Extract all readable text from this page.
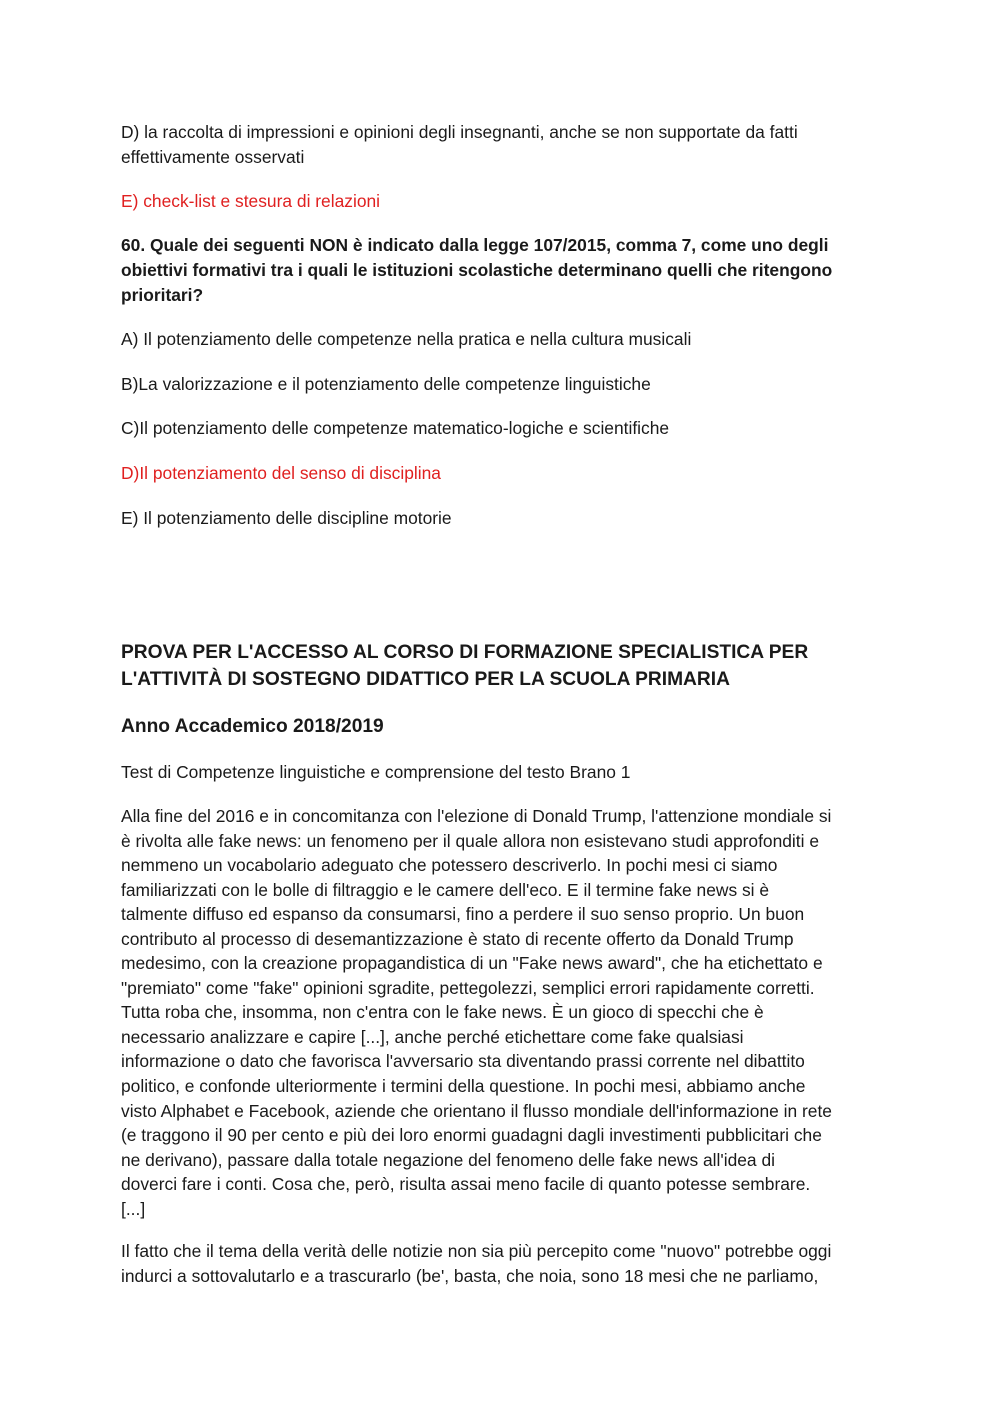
D) la raccolta di impressioni e opinioni degli insegnanti, anche se non supportate da fatti
effettivamente osservati
E) check-list e stesura di relazioni
60. Quale dei seguenti NON è indicato dalla legge 107/2015, comma 7, come uno degli
obiettivi formativi tra i quali le istituzioni scolastiche determinano quelli che ritengono
prioritari?
A) Il potenziamento delle competenze nella pratica e nella cultura musicali
B)La valorizzazione e il potenziamento delle competenze linguistiche
C)Il potenziamento delle competenze matematico-logiche e scientifiche
D)Il potenziamento del senso di disciplina
E) Il potenziamento delle discipline motorie
PROVA PER L'ACCESSO AL CORSO DI FORMAZIONE SPECIALISTICA PER
L'ATTIVITÀ DI SOSTEGNO DIDATTICO PER LA SCUOLA PRIMARIA
Anno Accademico 2018/2019
Test di Competenze linguistiche e comprensione del testo Brano 1
Alla fine del 2016 e in concomitanza con l'elezione di Donald Trump, l'attenzione mondiale si
è rivolta alle fake news: un fenomeno per il quale allora non esistevano studi approfonditi e
nemmeno un vocabolario adeguato che potessero descriverlo. In pochi mesi ci siamo
familiarizzati con le bolle di filtraggio e le camere dell'eco. E il termine fake news si è
talmente diffuso ed espanso da consumarsi, fino a perdere il suo senso proprio. Un buon
contributo al processo di desemantizzazione è stato di recente offerto da Donald Trump
medesimo, con la creazione propagandistica di un "Fake news award", che ha etichettato e
"premiato" come "fake" opinioni sgradite, pettegolezzi, semplici errori rapidamente corretti.
Tutta roba che, insomma, non c'entra con le fake news. È un gioco di specchi che è
necessario analizzare e capire [...], anche perché etichettare come fake qualsiasi
informazione o dato che favorisca l'avversario sta diventando prassi corrente nel dibattito
politico, e confonde ulteriormente i termini della questione. In pochi mesi, abbiamo anche
visto Alphabet e Facebook, aziende che orientano il flusso mondiale dell'informazione in rete
(e traggono il 90 per cento e più dei loro enormi guadagni dagli investimenti pubblicitari che
ne derivano), passare dalla totale negazione del fenomeno delle fake news all'idea di
doverci fare i conti. Cosa che, però, risulta assai meno facile di quanto potesse sembrare.
[...]
Il fatto che il tema della verità delle notizie non sia più percepito come "nuovo" potrebbe oggi
indurci a sottovalutarlo e a trascurarlo (be', basta, che noia, sono 18 mesi che ne parliamo,
